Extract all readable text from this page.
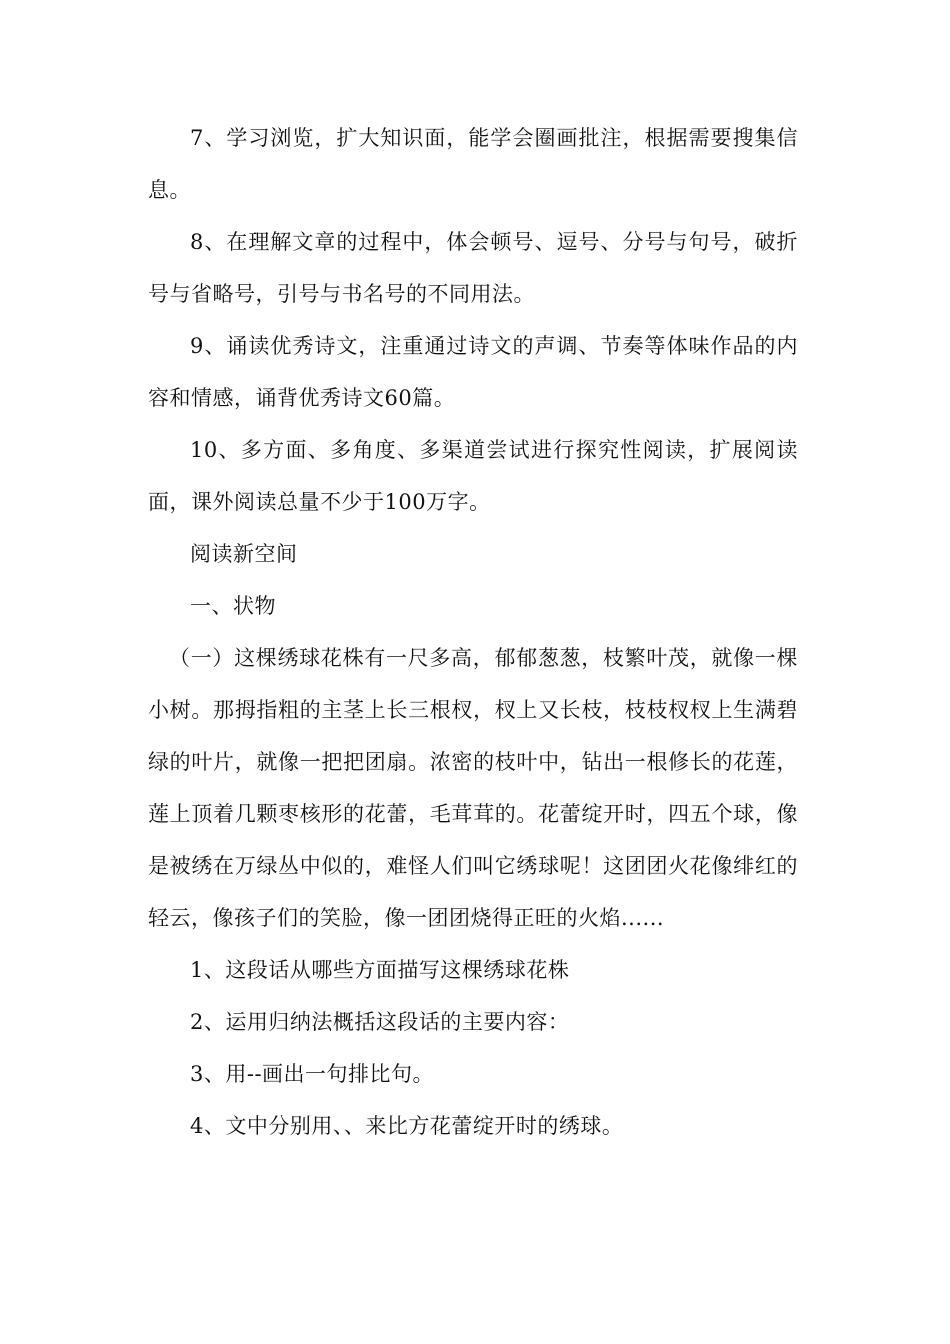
7、学习浏览，扩大知识面，能学会圈画批注，根据需要搜集信息。

8、在理解文章的过程中，体会顿号、逗号、分号与句号，破折号与省略号，引号与书名号的不同用法。

9、诵读优秀诗文，注重通过诗文的声调、节奏等体味作品的内容和情感，诵背优秀诗文60篇。

10、多方面、多角度、多渠道尝试进行探究性阅读，扩展阅读面，课外阅读总量不少于100万字。

阅读新空间

一、状物

（一）这棵绣球花株有一尺多高，郁郁葱葱，枝繁叶茂，就像一棵小树。那拇指粗的主茎上长三根杈，杈上又长枝，枝枝杈杈上生满碧绿的叶片，就像一把把团扇。浓密的枝叶中，钻出一根修长的花莲，莲上顶着几颗枣核形的花蕾，毛茸茸的。花蕾绽开时，四五个球，像是被绣在万绿丛中似的，难怪人们叫它绣球呢！这团团火花像绯红的轻云，像孩子们的笑脸，像一团团烧得正旺的火焰......

1、这段话从哪些方面描写这棵绣球花株

2、运用归纳法概括这段话的主要内容：

3、用--画出一句排比句。

4、文中分别用、、来比方花蕾绽开时的绣球。
